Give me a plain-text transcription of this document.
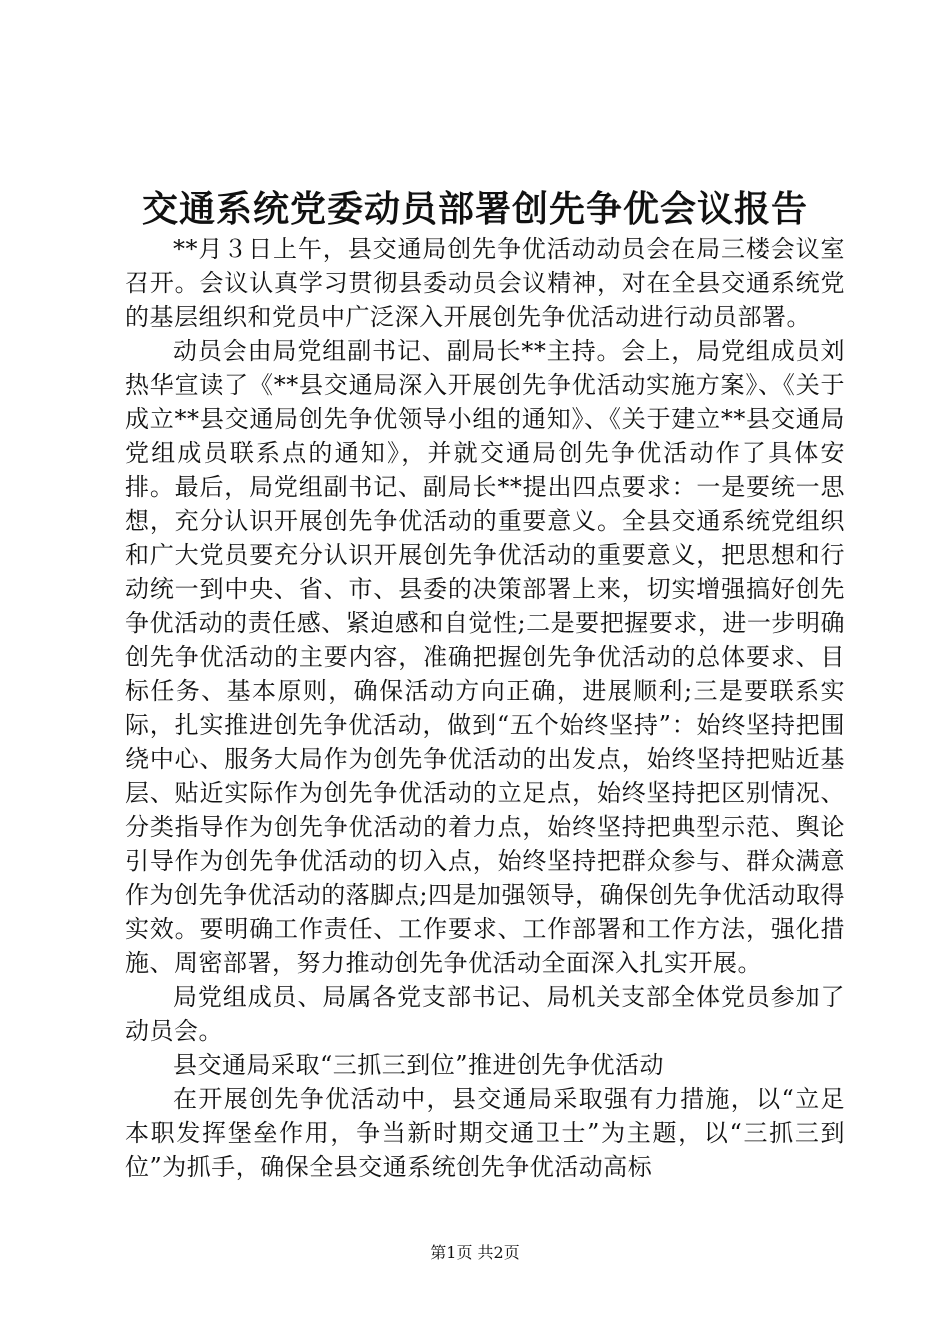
交通系统党委动员部署创先争优会议报告

**月３日上午，县交通局创先争优活动动员会在局三楼会议室召开。会议认真学习贯彻县委动员会议精神，对在全县交通系统党的基层组织和党员中广泛深入开展创先争优活动进行动员部署。

动员会由局党组副书记、副局长**主持。会上，局党组成员刘热华宣读了《**县交通局深入开展创先争优活动实施方案》、《关于成立**县交通局创先争优领导小组的通知》、《关于建立**县交通局党组成员联系点的通知》，并就交通局创先争优活动作了具体安排。最后，局党组副书记、副局长**提出四点要求：一是要统一思想，充分认识开展创先争优活动的重要意义。全县交通系统党组织和广大党员要充分认识开展创先争优活动的重要意义，把思想和行动统一到中央、省、市、县委的决策部署上来，切实增强搞好创先争优活动的责任感、紧迫感和自觉性;二是要把握要求，进一步明确创先争优活动的主要内容，准确把握创先争优活动的总体要求、目标任务、基本原则，确保活动方向正确，进展顺利;三是要联系实际，扎实推进创先争优活动，做到“五个始终坚持”：始终坚持把围绕中心、服务大局作为创先争优活动的出发点，始终坚持把贴近基层、贴近实际作为创先争优活动的立足点，始终坚持把区别情况、分类指导作为创先争优活动的着力点，始终坚持把典型示范、舆论引导作为创先争优活动的切入点，始终坚持把群众参与、群众满意作为创先争优活动的落脚点;四是加强领导，确保创先争优活动取得实效。要明确工作责任、工作要求、工作部署和工作方法，强化措施、周密部署，努力推动创先争优活动全面深入扎实开展。

局党组成员、局属各党支部书记、局机关支部全体党员参加了动员会。

县交通局采取“三抓三到位”推进创先争优活动

在开展创先争优活动中，县交通局采取强有力措施，以“立足本职发挥堡垒作用，争当新时期交通卫士”为主题，以“三抓三到位”为抓手，确保全县交通系统创先争优活动高标

第1页 共2页
